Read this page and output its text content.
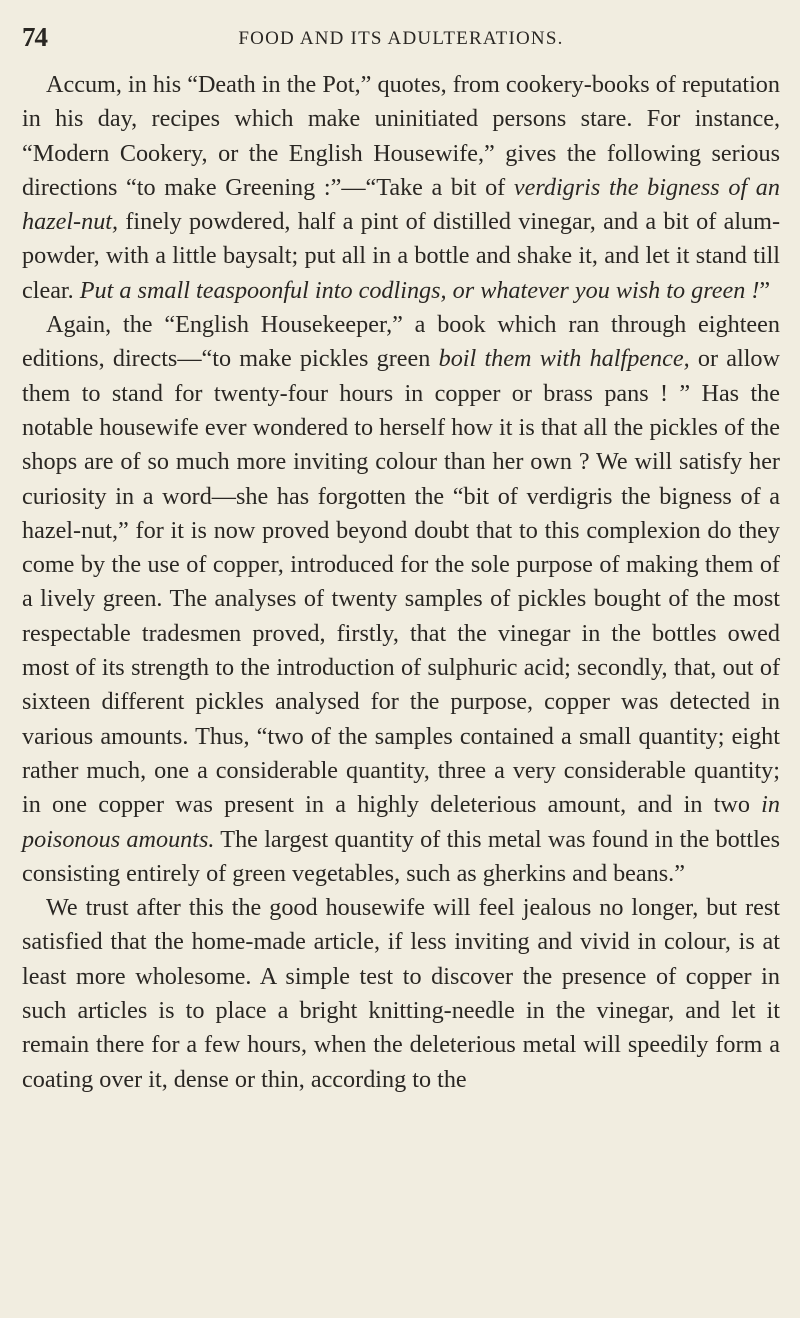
74	FOOD AND ITS ADULTERATIONS.

Accum, in his “Death in the Pot,” quotes, from cookery-books of reputation in his day, recipes which make uninitiated persons stare. For instance, “Modern Cookery, or the English Housewife,” gives the following serious directions “to make Greening :”—“Take a bit of verdigris the bigness of an hazel-nut, finely powdered, half a pint of distilled vinegar, and a bit of alum-powder, with a little baysalt; put all in a bottle and shake it, and let it stand till clear. Put a small teaspoonful into codlings, or whatever you wish to green !”

Again, the “English Housekeeper,” a book which ran through eighteen editions, directs—“to make pickles green boil them with halfpence, or allow them to stand for twenty-four hours in copper or brass pans ! ” Has the notable housewife ever wondered to herself how it is that all the pickles of the shops are of so much more inviting colour than her own ? We will satisfy her curiosity in a word—she has forgotten the “bit of verdigris the bigness of a hazel-nut,” for it is now proved beyond doubt that to this complexion do they come by the use of copper, introduced for the sole purpose of making them of a lively green. The analyses of twenty samples of pickles bought of the most respectable tradesmen proved, firstly, that the vinegar in the bottles owed most of its strength to the introduction of sulphuric acid; secondly, that, out of sixteen different pickles analysed for the purpose, copper was detected in various amounts. Thus, “two of the samples contained a small quantity; eight rather much, one a considerable quantity, three a very considerable quantity; in one copper was present in a highly deleterious amount, and in two in poisonous amounts. The largest quantity of this metal was found in the bottles consisting entirely of green vegetables, such as gherkins and beans.”

We trust after this the good housewife will feel jealous no longer, but rest satisfied that the home-made article, if less inviting and vivid in colour, is at least more wholesome. A simple test to discover the presence of copper in such articles is to place a bright knitting-needle in the vinegar, and let it remain there for a few hours, when the deleterious metal will speedily form a coating over it, dense or thin, according to the
